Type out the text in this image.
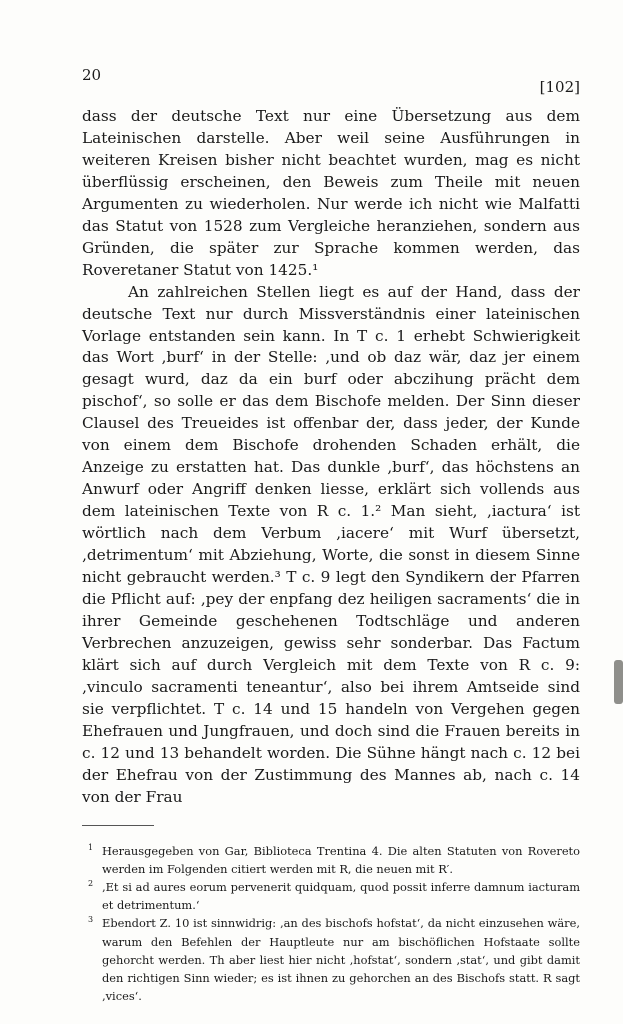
20
[102]

dass der deutsche Text nur eine Übersetzung aus dem Lateinischen darstelle. Aber weil seine Ausführungen in weiteren Kreisen bisher nicht beachtet wurden, mag es nicht überflüssig erscheinen, den Beweis zum Theile mit neuen Argumenten zu wiederholen. Nur werde ich nicht wie Malfatti das Statut von 1528 zum Vergleiche heranziehen, sondern aus Gründen, die später zur Sprache kommen werden, das Roveretaner Statut von 1425.¹

An zahlreichen Stellen liegt es auf der Hand, dass der deutsche Text nur durch Missverständnis einer lateinischen Vorlage entstanden sein kann. In T c. 1 erhebt Schwierigkeit das Wort ‚burf‘ in der Stelle: ‚und ob daz wär, daz jer einem gesagt wurd, daz da ein burf oder abczihung prächt dem pischof‘, so solle er das dem Bischofe melden. Der Sinn dieser Clausel des Treueides ist offenbar der, dass jeder, der Kunde von einem dem Bischofe drohenden Schaden erhält, die Anzeige zu erstatten hat. Das dunkle ‚burf‘, das höchstens an Anwurf oder Angriff denken liesse, erklärt sich vollends aus dem lateinischen Texte von R c. 1.² Man sieht, ‚iactura‘ ist wörtlich nach dem Verbum ‚iacere‘ mit Wurf übersetzt, ‚detrimentum‘ mit Abziehung, Worte, die sonst in diesem Sinne nicht gebraucht werden.³ T c. 9 legt den Syndikern der Pfarren die Pflicht auf: ‚pey der enpfang dez heiligen sacraments‘ die in ihrer Gemeinde geschehenen Todtschläge und anderen Verbrechen anzuzeigen, gewiss sehr sonderbar. Das Factum klärt sich auf durch Vergleich mit dem Texte von R c. 9: ‚vinculo sacramenti teneantur‘, also bei ihrem Amtseide sind sie verpflichtet. T c. 14 und 15 handeln von Vergehen gegen Ehefrauen und Jungfrauen, und doch sind die Frauen bereits in c. 12 und 13 behandelt worden. Die Sühne hängt nach c. 12 bei der Ehefrau von der Zustimmung des Mannes ab, nach c. 14 von der Frau

1 Herausgegeben von Gar, Biblioteca Trentina 4. Die alten Statuten von Rovereto werden im Folgenden citiert werden mit R, die neuen mit R′.
2 ‚Et si ad aures eorum pervenerit quidquam, quod possit inferre damnum iacturam et detrimentum.‘
3 Ebendort Z. 10 ist sinnwidrig: ‚an des bischofs hofstat‘, da nicht einzusehen wäre, warum den Befehlen der Hauptleute nur am bischöflichen Hofstaate sollte gehorcht werden. Th aber liest hier nicht ‚hofstat‘, sondern ‚stat‘, und gibt damit den richtigen Sinn wieder; es ist ihnen zu gehorchen an des Bischofs statt. R sagt ‚vices‘.
